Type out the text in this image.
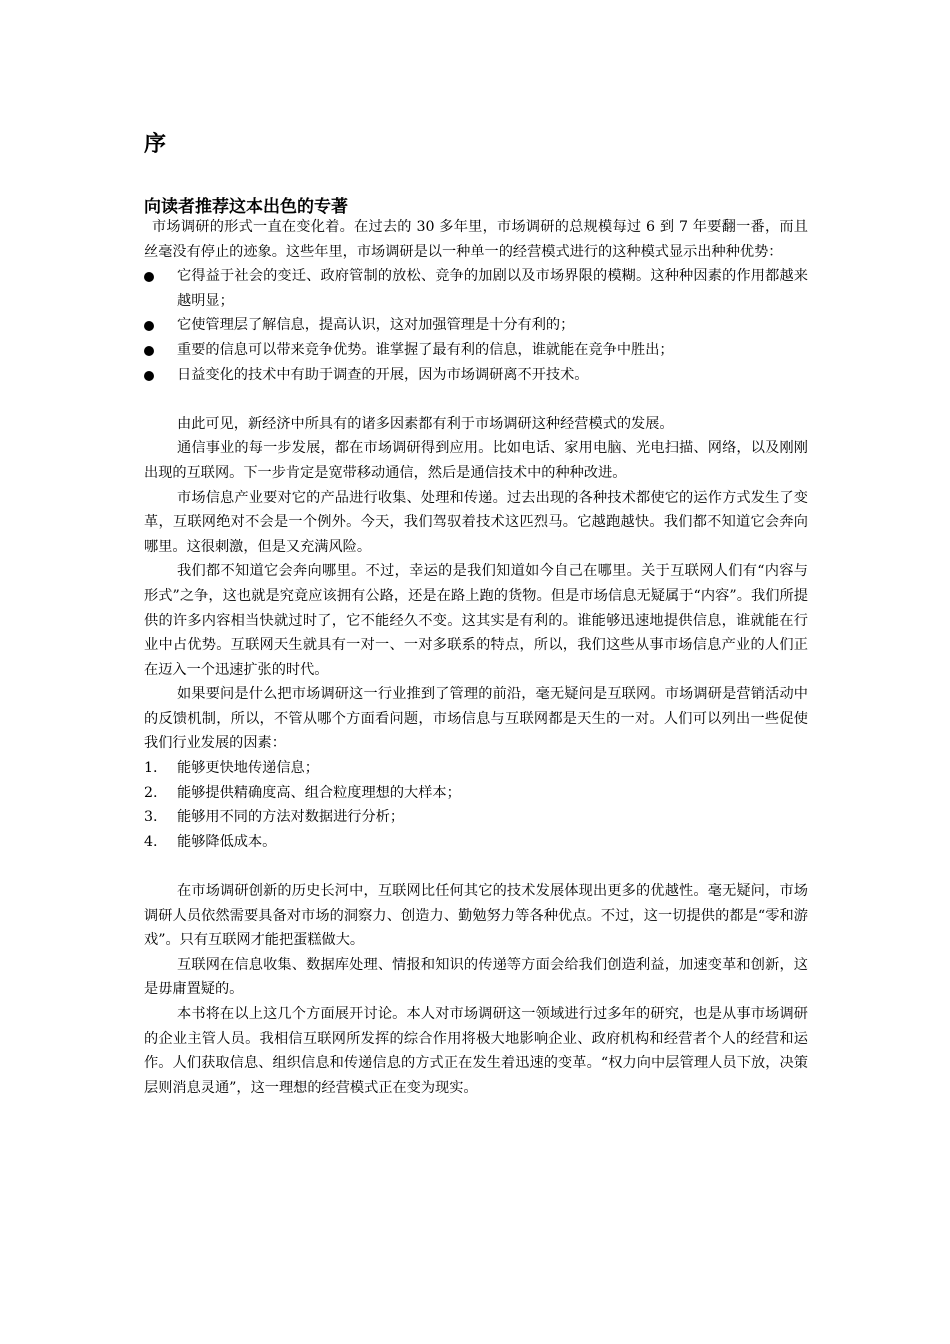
序
向读者推荐这本出色的专著

市场调研的形式一直在变化着。在过去的 30 多年里，市场调研的总规模每过 6 到 7 年要翻一番，而且丝毫没有停止的迹象。这些年里，市场调研是以一种单一的经营模式进行的这种模式显示出种种优势：

它得益于社会的变迁、政府管制的放松、竞争的加剧以及市场界限的模糊。这种种因素的作用都越来越明显；
它使管理层了解信息，提高认识，这对加强管理是十分有利的；
重要的信息可以带来竞争优势。谁掌握了最有利的信息，谁就能在竞争中胜出；
日益变化的技术中有助于调查的开展，因为市场调研离不开技术。

由此可见，新经济中所具有的诸多因素都有利于市场调研这种经营模式的发展。

通信事业的每一步发展，都在市场调研得到应用。比如电话、家用电脑、光电扫描、网络，以及刚刚出现的互联网。下一步肯定是宽带移动通信，然后是通信技术中的种种改进。

市场信息产业要对它的产品进行收集、处理和传递。过去出现的各种技术都使它的运作方式发生了变革，互联网绝对不会是一个例外。今天，我们驾驭着技术这匹烈马。它越跑越快。我们都不知道它会奔向哪里。这很刺激，但是又充满风险。

我们都不知道它会奔向哪里。不过，幸运的是我们知道如今自己在哪里。关于互联网人们有“内容与形式”之争，这也就是究竟应该拥有公路，还是在路上跑的货物。但是市场信息无疑属于“内容”。我们所提供的许多内容相当快就过时了，它不能经久不变。这其实是有利的。谁能够迅速地提供信息，谁就能在行业中占优势。互联网天生就具有一对一、一对多联系的特点，所以，我们这些从事市场信息产业的人们正在迈入一个迅速扩张的时代。

如果要问是什么把市场调研这一行业推到了管理的前沿，毫无疑问是互联网。市场调研是营销活动中的反馈机制，所以，不管从哪个方面看问题，市场信息与互联网都是天生的一对。人们可以列出一些促使我们行业发展的因素：

1. 能够更快地传递信息；
2. 能够提供精确度高、组合粒度理想的大样本；
3. 能够用不同的方法对数据进行分析；
4. 能够降低成本。

在市场调研创新的历史长河中，互联网比任何其它的技术发展体现出更多的优越性。毫无疑问，市场调研人员依然需要具备对市场的洞察力、创造力、勤勉努力等各种优点。不过，这一切提供的都是“零和游戏”。只有互联网才能把蛋糕做大。

互联网在信息收集、数据库处理、情报和知识的传递等方面会给我们创造利益，加速变革和创新，这是毋庸置疑的。

本书将在以上这几个方面展开讨论。本人对市场调研这一领域进行过多年的研究，也是从事市场调研的企业主管人员。我相信互联网所发挥的综合作用将极大地影响企业、政府机构和经营者个人的经营和运作。人们获取信息、组织信息和传递信息的方式正在发生着迅速的变革。“权力向中层管理人员下放，决策层则消息灵通”，这一理想的经营模式正在变为现实。
